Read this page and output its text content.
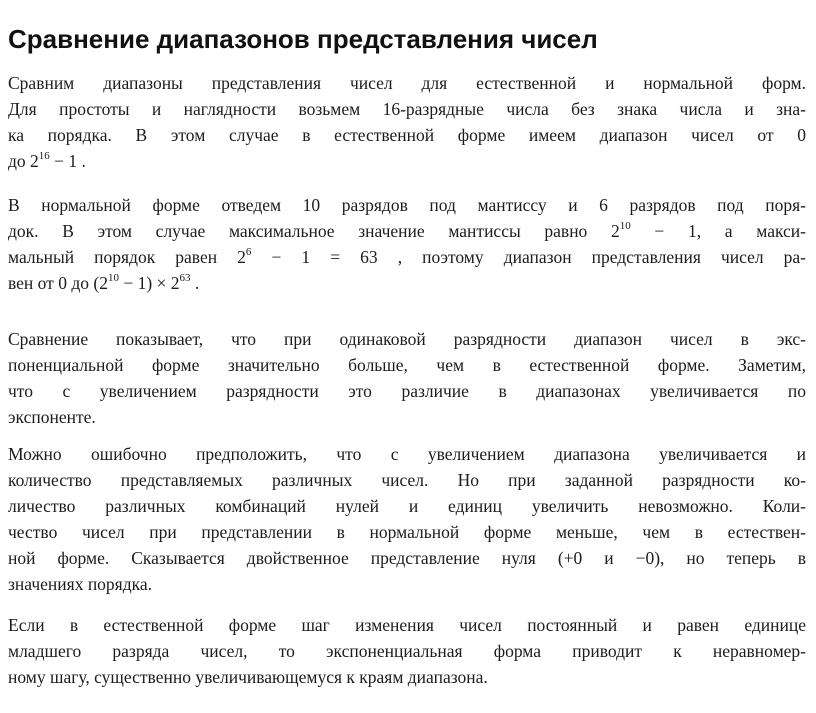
Сравнение диапазонов представления чисел

Сравним диапазоны представления чисел для естественной и нормальной форм.
Для простоты и наглядности возьмем 16-разрядные числа без знака числа и зна-
ка порядка. В этом случае в естественной форме имеем диапазон чисел от 0
до $2^{16} - 1$ .

В нормальной форме отведем 10 разрядов под мантиссу и 6 разрядов под поря-
док. В этом случае максимальное значение мантиссы равно $2^{10} - 1$, а макси-
мальный порядок равен $2^6 - 1 = 63$ , поэтому диапазон представления чисел ра-
вен от 0 до $(2^{10} - 1) \times 2^{63}$ .

Сравнение показывает, что при одинаковой разрядности диапазон чисел в экс-
поненциальной форме значительно больше, чем в естественной форме. Заметим,
что с увеличением разрядности это различие в диапазонах увеличивается по
экспоненте.

Можно ошибочно предположить, что с увеличением диапазона увеличивается и
количество представляемых различных чисел. Но при заданной разрядности ко-
личество различных комбинаций нулей и единиц увеличить невозможно. Коли-
чество чисел при представлении в нормальной форме меньше, чем в естествен-
ной форме. Сказывается двойственное представление нуля (+0 и −0), но теперь в
значениях порядка.

Если в естественной форме шаг изменения чисел постоянный и равен единице
младшего разряда чисел, то экспоненциальная форма приводит к неравномер-
ному шагу, существенно увеличивающемуся к краям диапазона.
